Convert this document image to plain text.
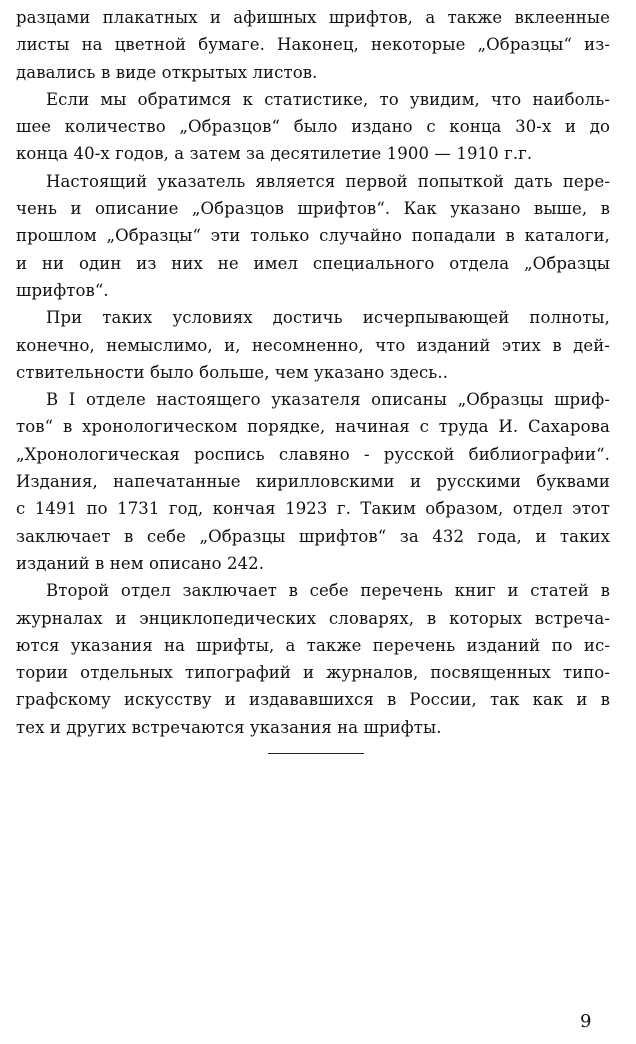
разцами плакатных и афишных шрифтов, а также вклеенные
листы на цветной бумаге. Наконец, некоторые „Образцы“ из-
давались в виде открытых листов.
Если мы обратимся к статистике, то увидим, что наиболь-
шее количество „Образцов“ было издано с конца 30-х и до
конца 40-х годов, а затем за десятилетие 1900 — 1910 г.г.
Настоящий указатель является первой попыткой дать пере-
чень и описание „Образцов шрифтов“. Как указано выше, в
прошлом „Образцы“ эти только случайно попадали в каталоги,
и ни один из них не имел специального отдела „Образцы
шрифтов“.
При таких условиях достичь исчерпывающей полноты,
конечно, немыслимо, и, несомненно, что изданий этих в дей-
ствительности было больше, чем указано здесь..
В I отделе настоящего указателя описаны „Образцы шриф-
тов“ в хронологическом порядке, начиная с труда И. Сахарова
„Хронологическая роспись славяно - русской библиографии“.
Издания, напечатанные кирилловскими и русскими буквами
с 1491 по 1731 год, кончая 1923 г. Таким образом, отдел этот
заключает в себе „Образцы шрифтов“ за 432 года, и таких
изданий в нем описано 242.
Второй отдел заключает в себе перечень книг и статей в
журналах и энциклопедических словарях, в которых встреча-
ются указания на шрифты, а также перечень изданий по ис-
тории отдельных типографий и журналов, посвященных типо-
графскому искусству и издававшихся в России, так как и в
тех и других встречаются указания на шрифты.
9
